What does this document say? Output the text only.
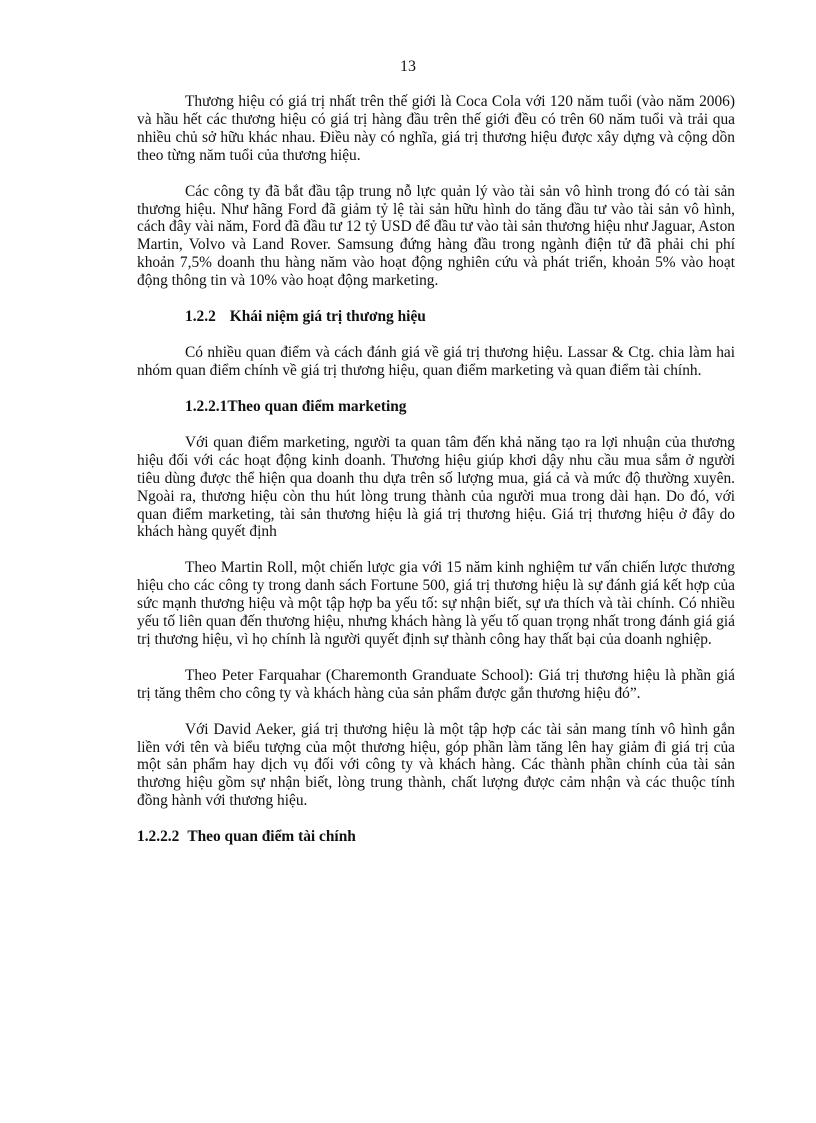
13

Thương hiệu có giá trị nhất trên thế giới là Coca Cola với 120 năm tuổi (vào năm 2006) và hầu hết các thương hiệu có giá trị hàng đầu trên thế giới đều có trên 60 năm tuổi và trải qua nhiều chủ sở hữu khác nhau. Điều này có nghĩa, giá trị thương hiệu được xây dựng và cộng dồn theo từng năm tuổi của thương hiệu.

Các công ty đã bắt đầu tập trung nỗ lực quản lý vào tài sản vô hình trong đó có tài sản thương hiệu. Như hãng Ford đã giảm tỷ lệ tài sản hữu hình do tăng đầu tư vào tài sản vô hình, cách đây vài năm, Ford đã đầu tư 12 tỷ USD để đầu tư vào tài sản thương hiệu như Jaguar, Aston Martin, Volvo và Land Rover. Samsung đứng hàng đầu trong ngành điện tử đã phải chi phí khoản 7,5% doanh thu hàng năm vào hoạt động nghiên cứu và phát triển, khoản 5% vào hoạt động thông tin và 10% vào hoạt động marketing.

1.2.2 Khái niệm giá trị thương hiệu

Có nhiều quan điểm và cách đánh giá về giá trị thương hiệu. Lassar & Ctg. chia làm hai nhóm quan điểm chính về giá trị thương hiệu, quan điểm marketing và quan điểm tài chính.

1.2.2.1Theo quan điểm marketing

Với quan điểm marketing, người ta quan tâm đến khả năng tạo ra lợi nhuận của thương hiệu đối với các hoạt động kinh doanh. Thương hiệu giúp khơi dậy nhu cầu mua sắm ở người tiêu dùng được thể hiện qua doanh thu dựa trên số lượng mua, giá cả và mức độ thường xuyên. Ngoài ra, thương hiệu còn thu hút lòng trung thành của người mua trong dài hạn. Do đó, với quan điểm marketing, tài sản thương hiệu là giá trị thương hiệu. Giá trị thương hiệu ở đây do khách hàng quyết định

Theo Martin Roll, một chiến lược gia với 15 năm kinh nghiệm tư vấn chiến lược thương hiệu cho các công ty trong danh sách Fortune 500, giá trị thương hiệu là sự đánh giá kết hợp của sức mạnh thương hiệu và một tập hợp ba yếu tố: sự nhận biết, sự ưa thích và tài chính. Có nhiều yếu tố liên quan đến thương hiệu, nhưng khách hàng là yếu tố quan trọng nhất trong đánh giá giá trị thương hiệu, vì họ chính là người quyết định sự thành công hay thất bại của doanh nghiệp.

Theo Peter Farquahar (Charemonth Granduate School): Giá trị thương hiệu là phần giá trị tăng thêm cho công ty và khách hàng của sản phẩm được gắn thương hiệu đó”.

Với David Aeker, giá trị thương hiệu là một tập hợp các tài sản mang tính vô hình gắn liền với tên và biểu tượng của một thương hiệu, góp phần làm tăng lên hay giảm đi giá trị của một sản phẩm hay dịch vụ đối với công ty và khách hàng. Các thành phần chính của tài sản thương hiệu gồm sự nhận biết, lòng trung thành, chất lượng được cảm nhận và các thuộc tính đồng hành với thương hiệu.

1.2.2.2 Theo quan điểm tài chính
